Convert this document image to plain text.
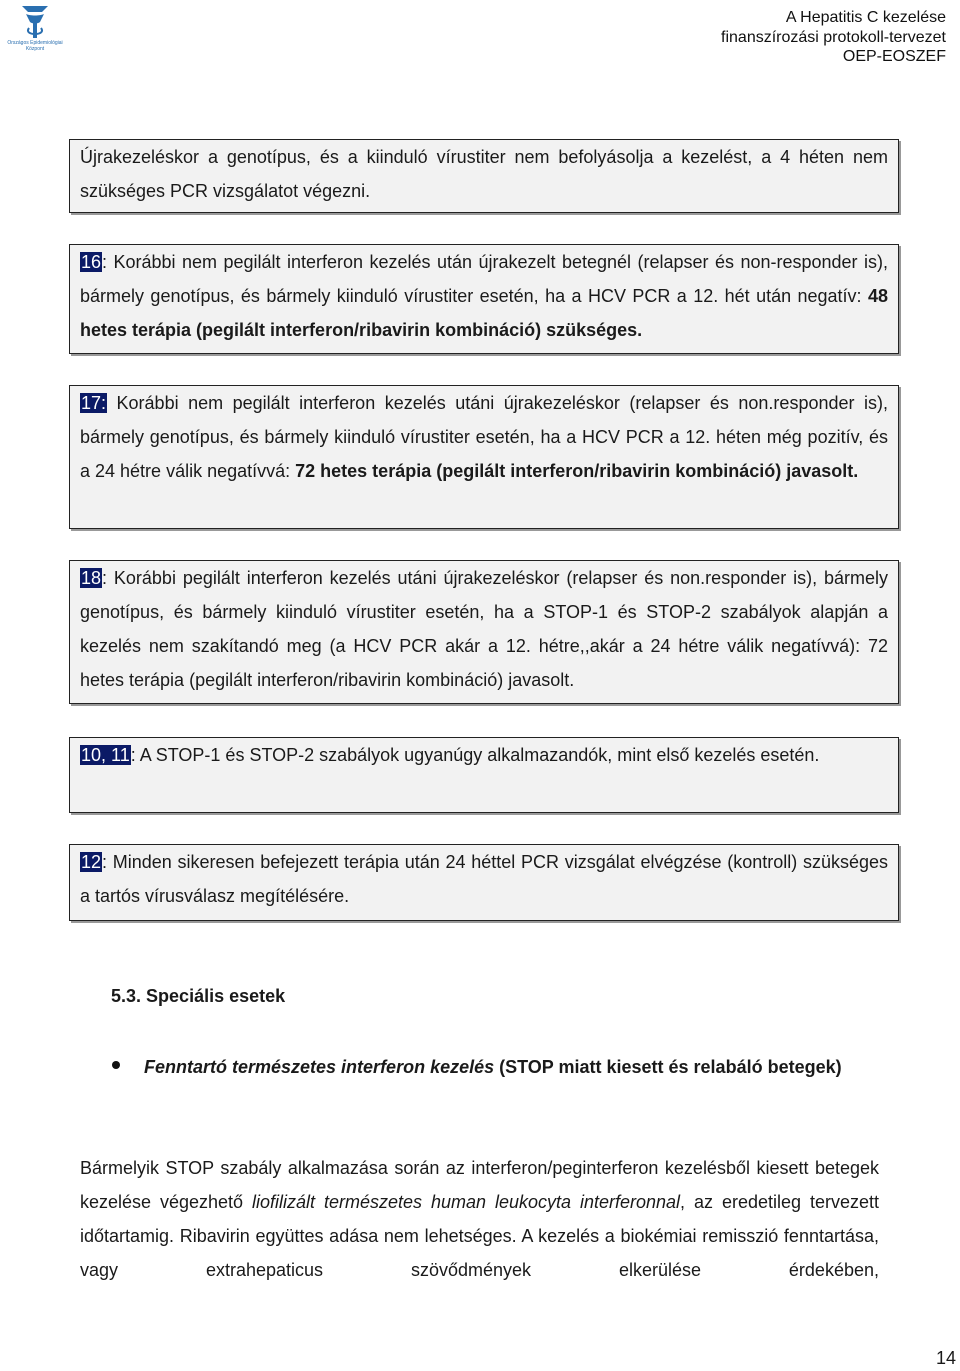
Országos Epidemiológiai Központ
A Hepatitis C kezelése
finanszírozási protokoll-tervezet
OEP-EOSZEF
Újrakezeléskor a genotípus, és a kiinduló vírustiter nem befolyásolja a kezelést, a 4 héten nem szükséges PCR vizsgálatot végezni.
16: Korábbi nem pegilált interferon kezelés után újrakezelt betegnél (relapser és non-responder is), bármely genotípus, és bármely kiinduló vírustiter esetén, ha a HCV PCR a 12. hét után negatív: 48 hetes terápia (pegilált interferon/ribavirin kombináció) szükséges.
17: Korábbi nem pegilált interferon kezelés utáni újrakezeléskor (relapser és non.responder is), bármely genotípus, és bármely kiinduló vírustiter esetén, ha a HCV PCR a 12. héten még pozitív, és a 24 hétre válik negatívvá: 72 hetes terápia (pegilált interferon/ribavirin kombináció) javasolt.
18: Korábbi pegilált interferon kezelés utáni újrakezeléskor (relapser és non.responder is), bármely genotípus, és bármely kiinduló vírustiter esetén, ha a STOP-1 és STOP-2 szabályok alapján a kezelés nem szakítandó meg (a HCV PCR akár a 12. hétre,,akár a 24 hétre válik negatívvá): 72 hetes terápia (pegilált interferon/ribavirin kombináció) javasolt.
10, 11: A STOP-1 és STOP-2 szabályok ugyanúgy alkalmazandók, mint első kezelés esetén.
12: Minden sikeresen befejezett terápia után 24 héttel PCR vizsgálat elvégzése (kontroll) szükséges a tartós vírusválasz megítélésére.
5.3. Speciális esetek
Fenntartó természetes interferon kezelés (STOP miatt kiesett és relabáló betegek)
Bármelyik STOP szabály alkalmazása során az interferon/peginterferon kezelésből kiesett betegek kezelése végezhető liofilizált természetes human leukocyta interferonnal, az eredetileg tervezett időtartamig. Ribavirin együttes adása nem lehetséges. A kezelés a biokémiai remisszió fenntartása, vagy extrahepaticus szövődmények elkerülése érdekében,
14
